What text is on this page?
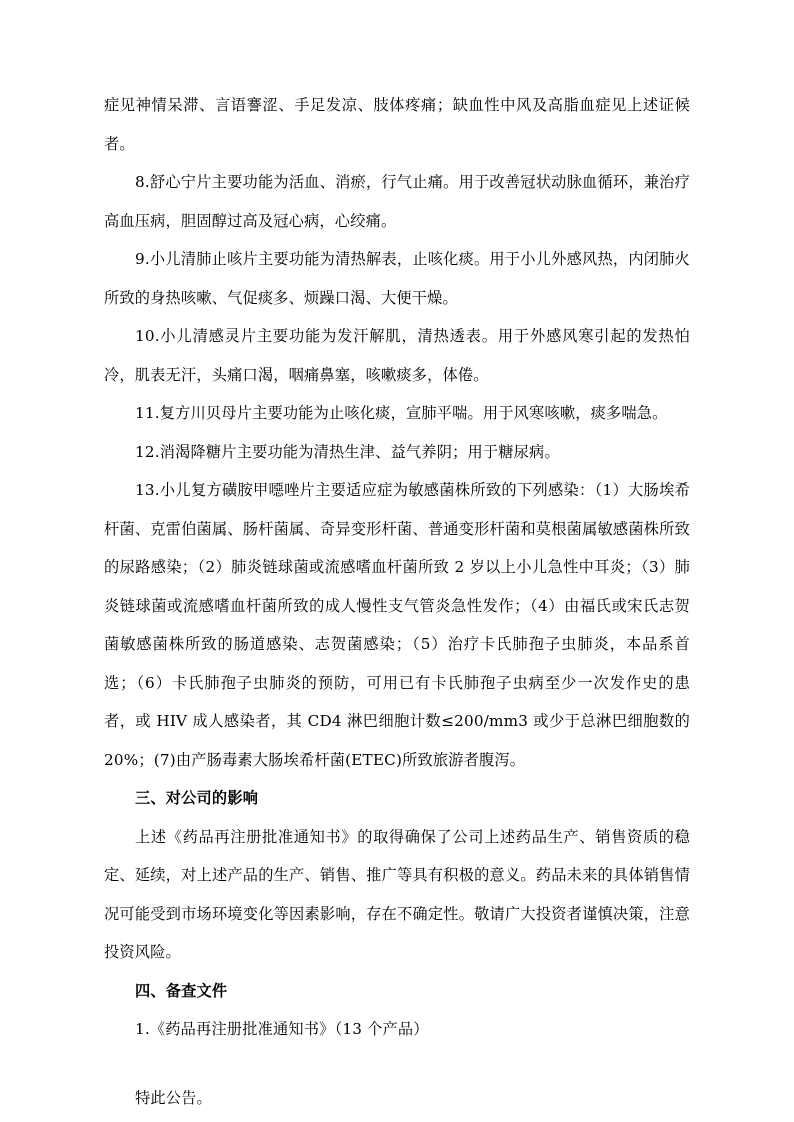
症见神情呆滞、言语謇涩、手足发凉、肢体疼痛；缺血性中风及高脂血症见上述证候者。

8.舒心宁片主要功能为活血、消瘀，行气止痛。用于改善冠状动脉血循环，兼治疗高血压病，胆固醇过高及冠心病，心绞痛。

9.小儿清肺止咳片主要功能为清热解表，止咳化痰。用于小儿外感风热，内闭肺火所致的身热咳嗽、气促痰多、烦躁口渴、大便干燥。

10.小儿清感灵片主要功能为发汗解肌，清热透表。用于外感风寒引起的发热怕冷，肌表无汗，头痛口渴，咽痛鼻塞，咳嗽痰多，体倦。

11.复方川贝母片主要功能为止咳化痰，宣肺平喘。用于风寒咳嗽，痰多喘急。

12.消渴降糖片主要功能为清热生津、益气养阴；用于糖尿病。

13.小儿复方磺胺甲噁唑片主要适应症为敏感菌株所致的下列感染：（1）大肠埃希杆菌、克雷伯菌属、肠杆菌属、奇异变形杆菌、普通变形杆菌和莫根菌属敏感菌株所致的尿路感染；（2）肺炎链球菌或流感嗜血杆菌所致 2 岁以上小儿急性中耳炎；（3）肺炎链球菌或流感嗜血杆菌所致的成人慢性支气管炎急性发作；（4）由福氏或宋氏志贺菌敏感菌株所致的肠道感染、志贺菌感染；（5）治疗卡氏肺孢子虫肺炎，本品系首选；（6）卡氏肺孢子虫肺炎的预防，可用已有卡氏肺孢子虫病至少一次发作史的患者，或 HIV 成人感染者，其 CD4 淋巴细胞计数≤200/mm3 或少于总淋巴细胞数的 20%；(7)由产肠毒素大肠埃希杆菌(ETEC)所致旅游者腹泻。

三、对公司的影响

上述《药品再注册批准通知书》的取得确保了公司上述药品生产、销售资质的稳定、延续，对上述产品的生产、销售、推广等具有积极的意义。药品未来的具体销售情况可能受到市场环境变化等因素影响，存在不确定性。敬请广大投资者谨慎决策，注意投资风险。

四、备查文件

1.《药品再注册批准通知书》（13 个产品）

特此公告。
